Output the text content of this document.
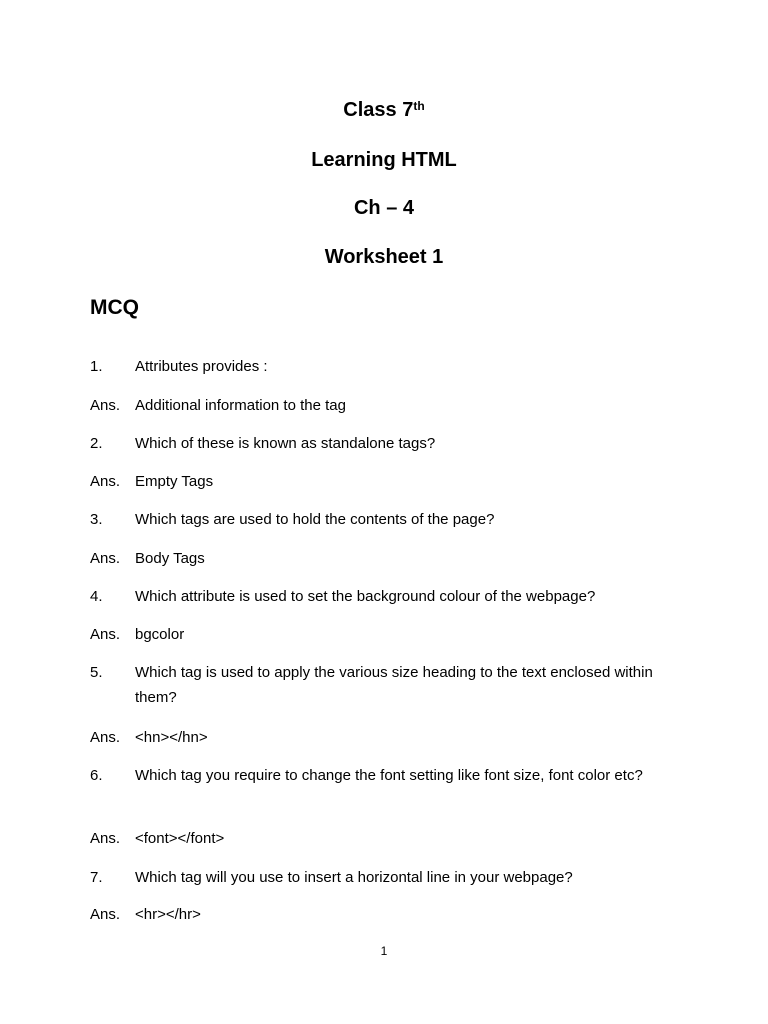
Class 7th
Learning HTML
Ch – 4
Worksheet 1
MCQ
1. Attributes provides :
Ans. Additional information to the tag
2. Which of these is known as standalone tags?
Ans. Empty Tags
3. Which tags are used to hold the contents of the page?
Ans. Body Tags
4. Which attribute is used to set the background colour of the webpage?
Ans. bgcolor
5. Which tag is used to apply the various size heading to the text enclosed within them?
Ans. <hn></hn>
6. Which tag you require to change the font setting like font size, font color etc?
Ans. <font></font>
7. Which tag will you use to insert a horizontal line in your webpage?
Ans. <hr></hr>
1
